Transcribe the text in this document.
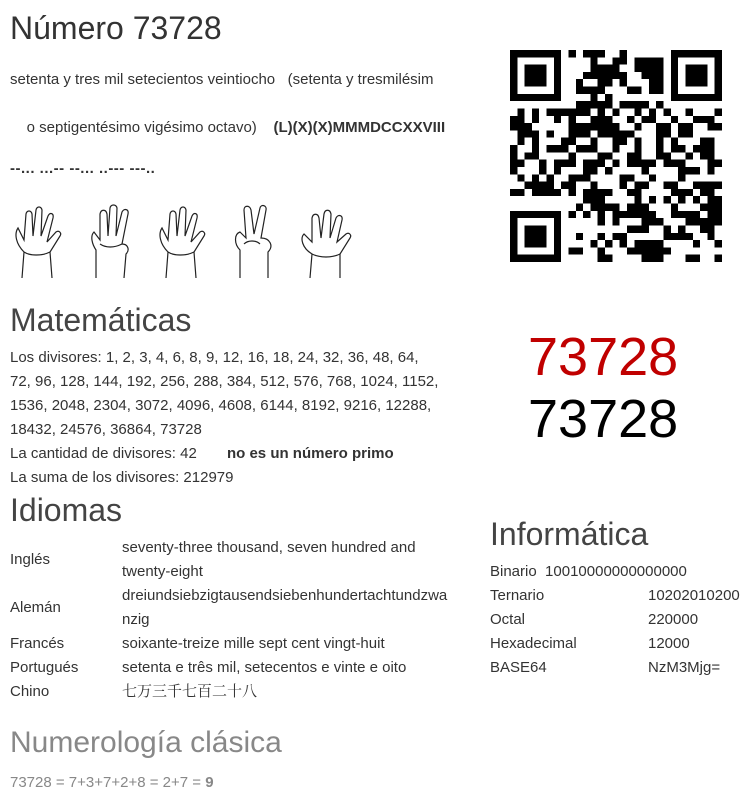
Número 73728
setenta y tres mil setecientos veintiocho   (setenta y tresmilésim

o septigentésimo vigésimo octavo) (L)(X)(X)MMMDCCXXVIII

--... ...-- --... ..--- ---..
73728
73728
Matemáticas
Los divisores: 1, 2, 3, 4, 6, 8, 9, 12, 16, 18, 24, 32, 36, 48, 64,
72, 96, 128, 144, 192, 256, 288, 384, 512, 576, 768, 1024, 1152,
1536, 2048, 2304, 3072, 4096, 4608, 6144, 8192, 9216, 12288,
18432, 24576, 36864, 73728
La cantidad de divisores: 42 no es un número primo
La suma de los divisores: 212979
Idiomas
Inglés	seventy-three thousand, seven hundred and
twenty-eight

Alemán	dreiundsiebzigtausendsiebenhundertachtundzwa
nzig

Francés	soixante-treize mille sept cent vingt-huit
Portugués	setenta e três mil, setecentos e vinte e oito
Chino	七万三千七百二十八
Informática
Binario 10010000000000000
Ternario	10202010200
Octal	220000
Hexadecimal	12000
BASE64	NzM3Mjg=
Numerología clásica
73728 = 7+3+7+2+8 = 2+7 = 9
